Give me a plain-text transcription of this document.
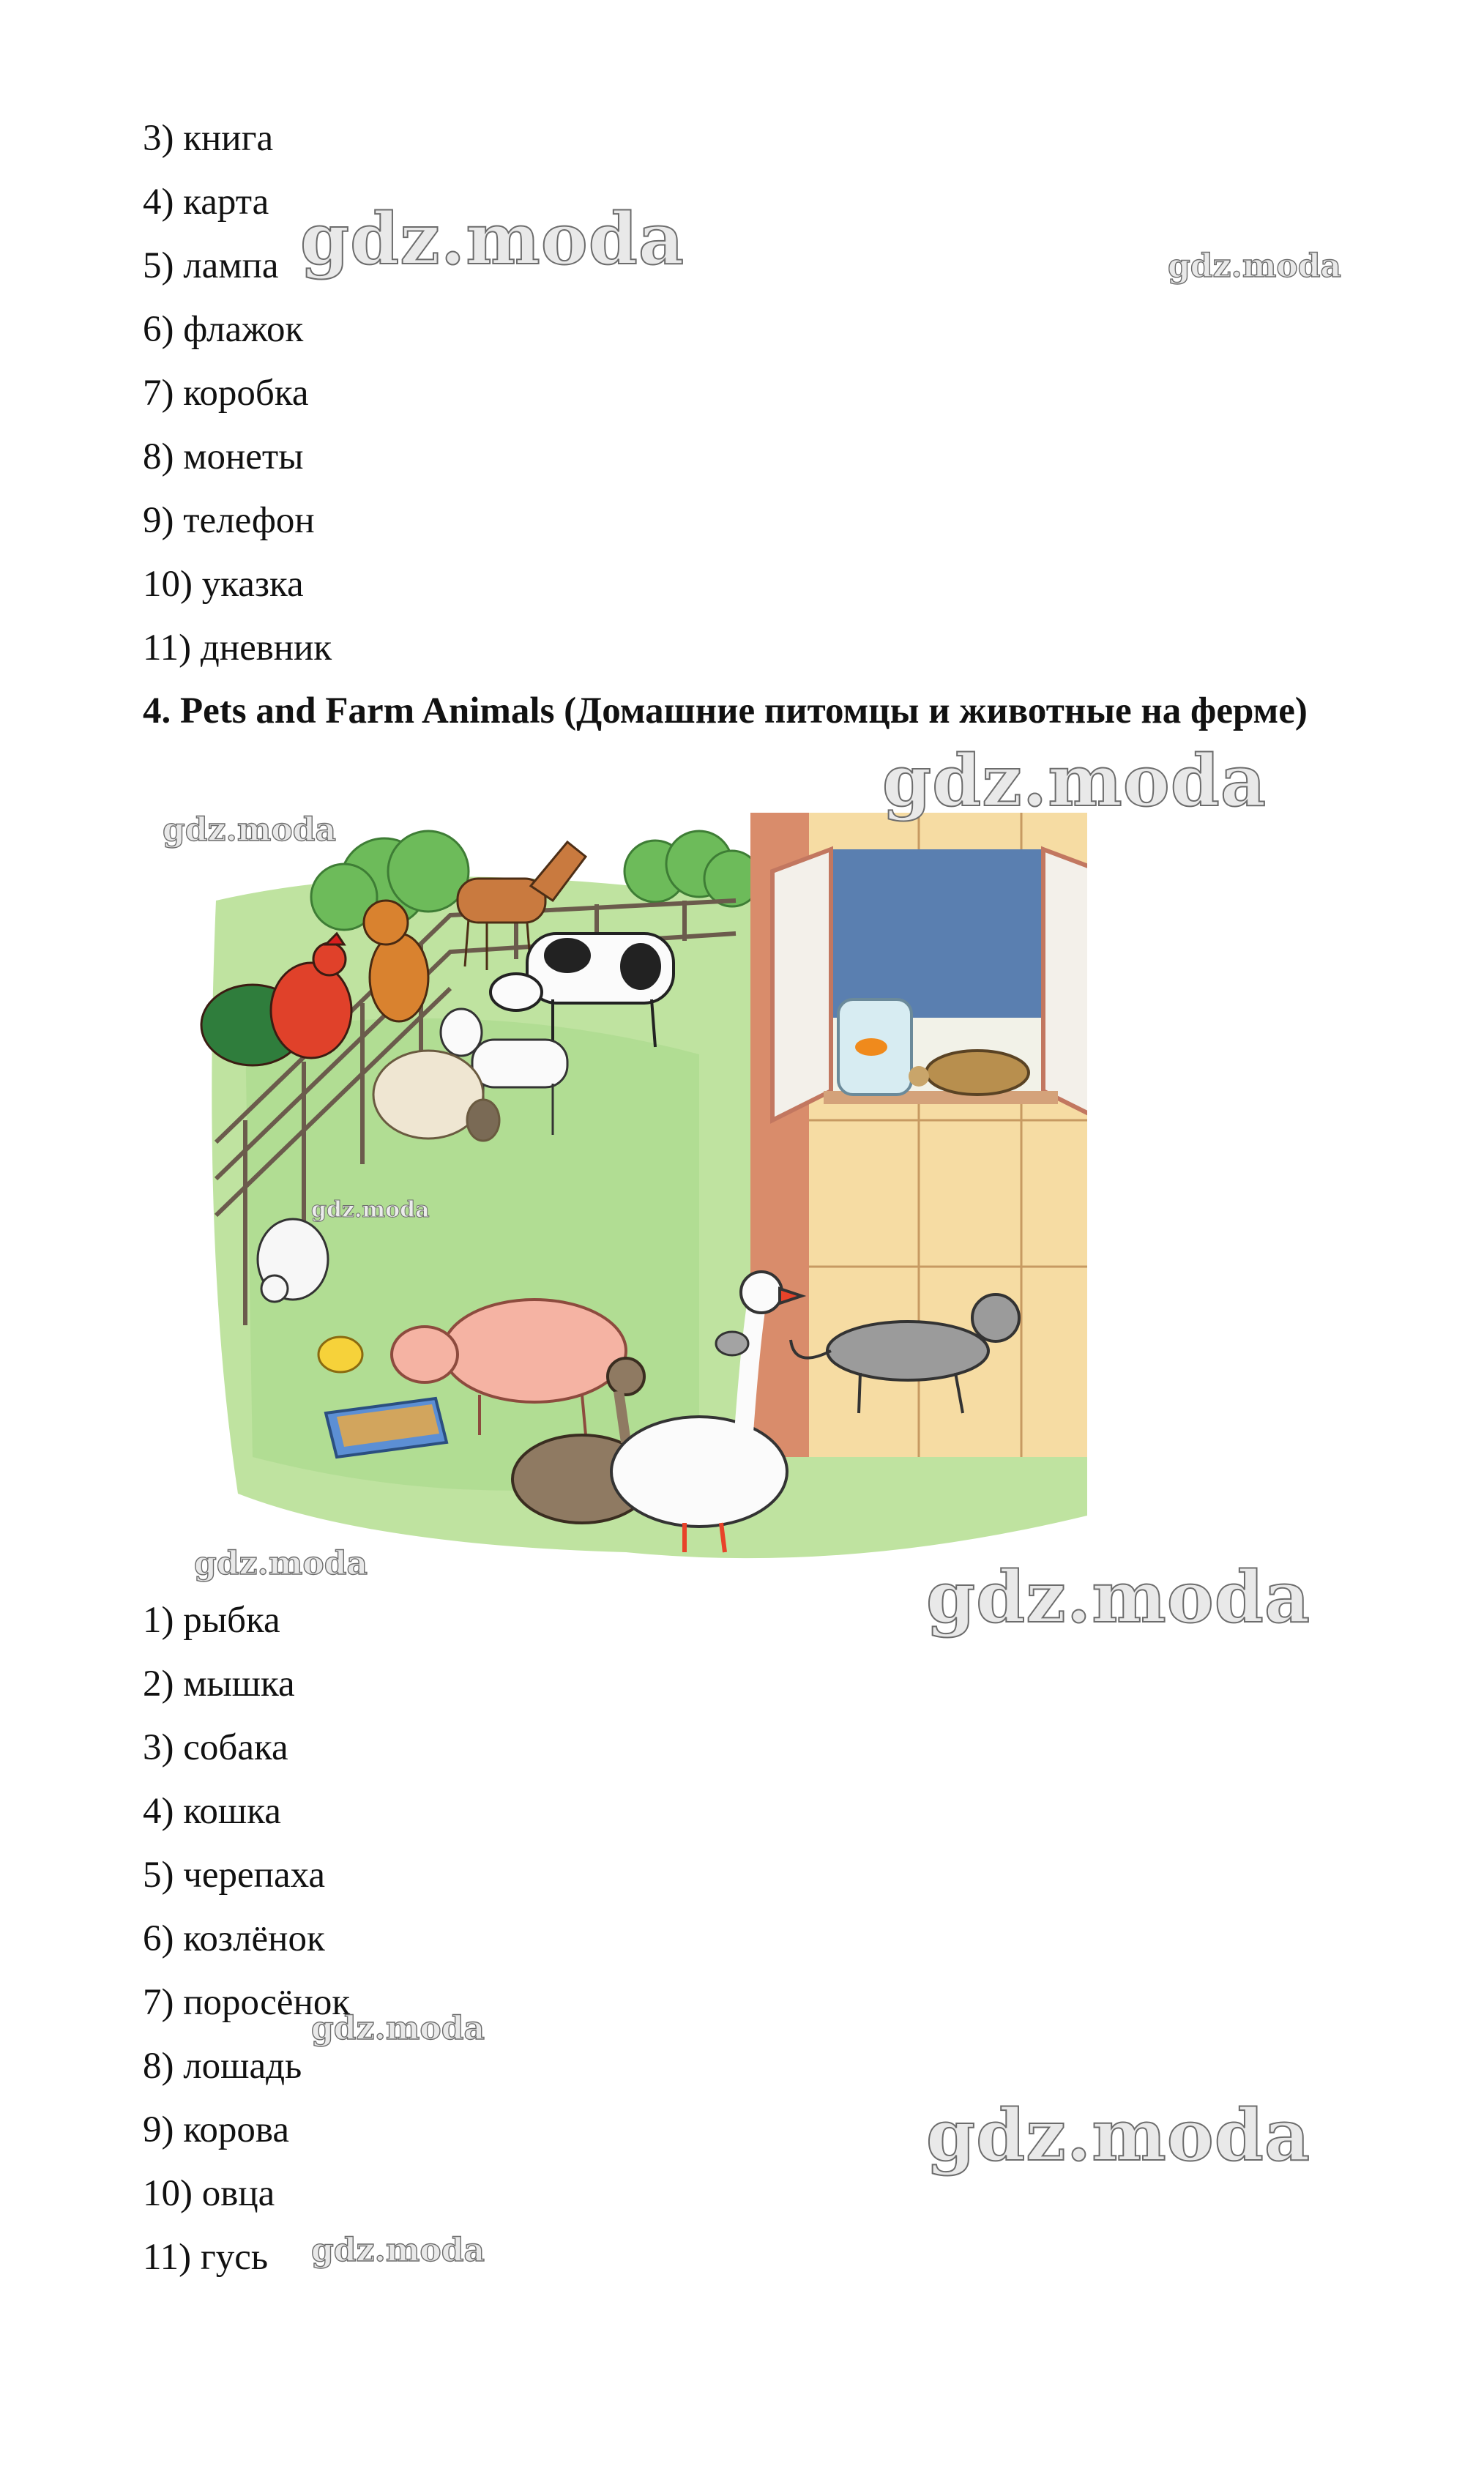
3) книга
4) карта
5) лампа
6) флажок
7) коробка
8) монеты
9) телефон
10) указка
11) дневник
4. Pets and Farm Animals (Домашние питомцы и животные на ферме)
1) рыбка
2) мышка
3) собака
4) кошка
5) черепаха
6) козлёнок
7) поросёнок
8) лошадь
9) корова
10) овца
11) гусь
gdz.moda	gdz.moda
gdz.moda
gdz.moda
gdz.moda
gdz.moda	gdz.moda
gdz.moda
gdz.moda
gdz.moda
